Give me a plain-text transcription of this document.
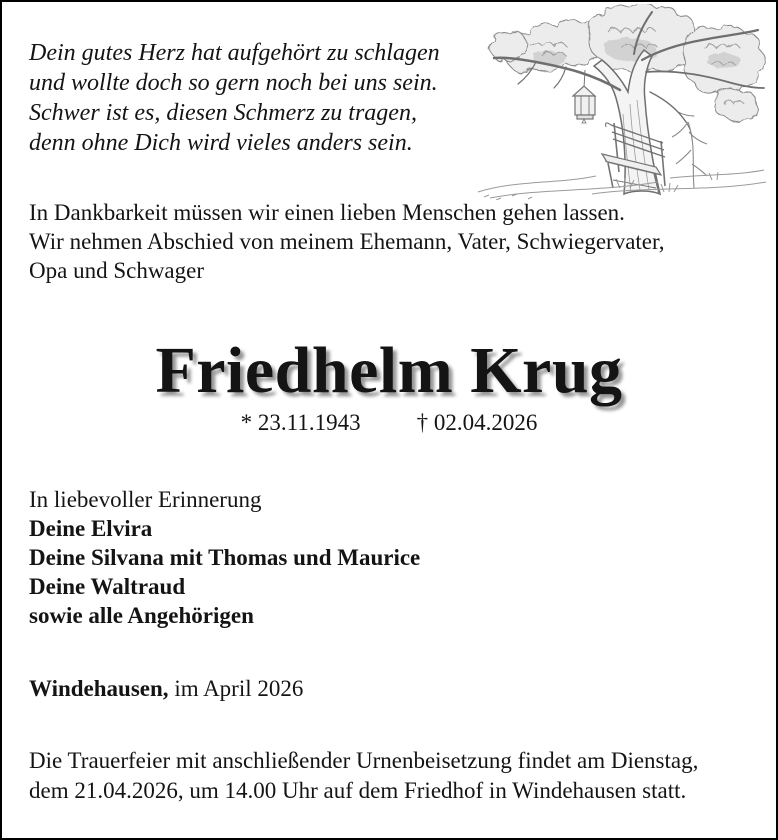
Dein gutes Herz hat aufgehört zu schlagen
und wollte doch so gern noch bei uns sein.
Schwer ist es, diesen Schmerz zu tragen,
denn ohne Dich wird vieles anders sein.
In Dankbarkeit müssen wir einen lieben Menschen gehen lassen.
Wir nehmen Abschied von meinem Ehemann, Vater, Schwiegervater,
Opa und Schwager
Friedhelm Krug
* 23.11.1943 † 02.04.2026
In liebevoller Erinnerung
Deine Elvira
Deine Silvana mit Thomas und Maurice
Deine Waltraud
sowie alle Angehörigen
Windehausen, im April 2026
Die Trauerfeier mit anschließender Urnenbeisetzung findet am Dienstag,
dem 21.04.2026, um 14.00 Uhr auf dem Friedhof in Windehausen statt.
